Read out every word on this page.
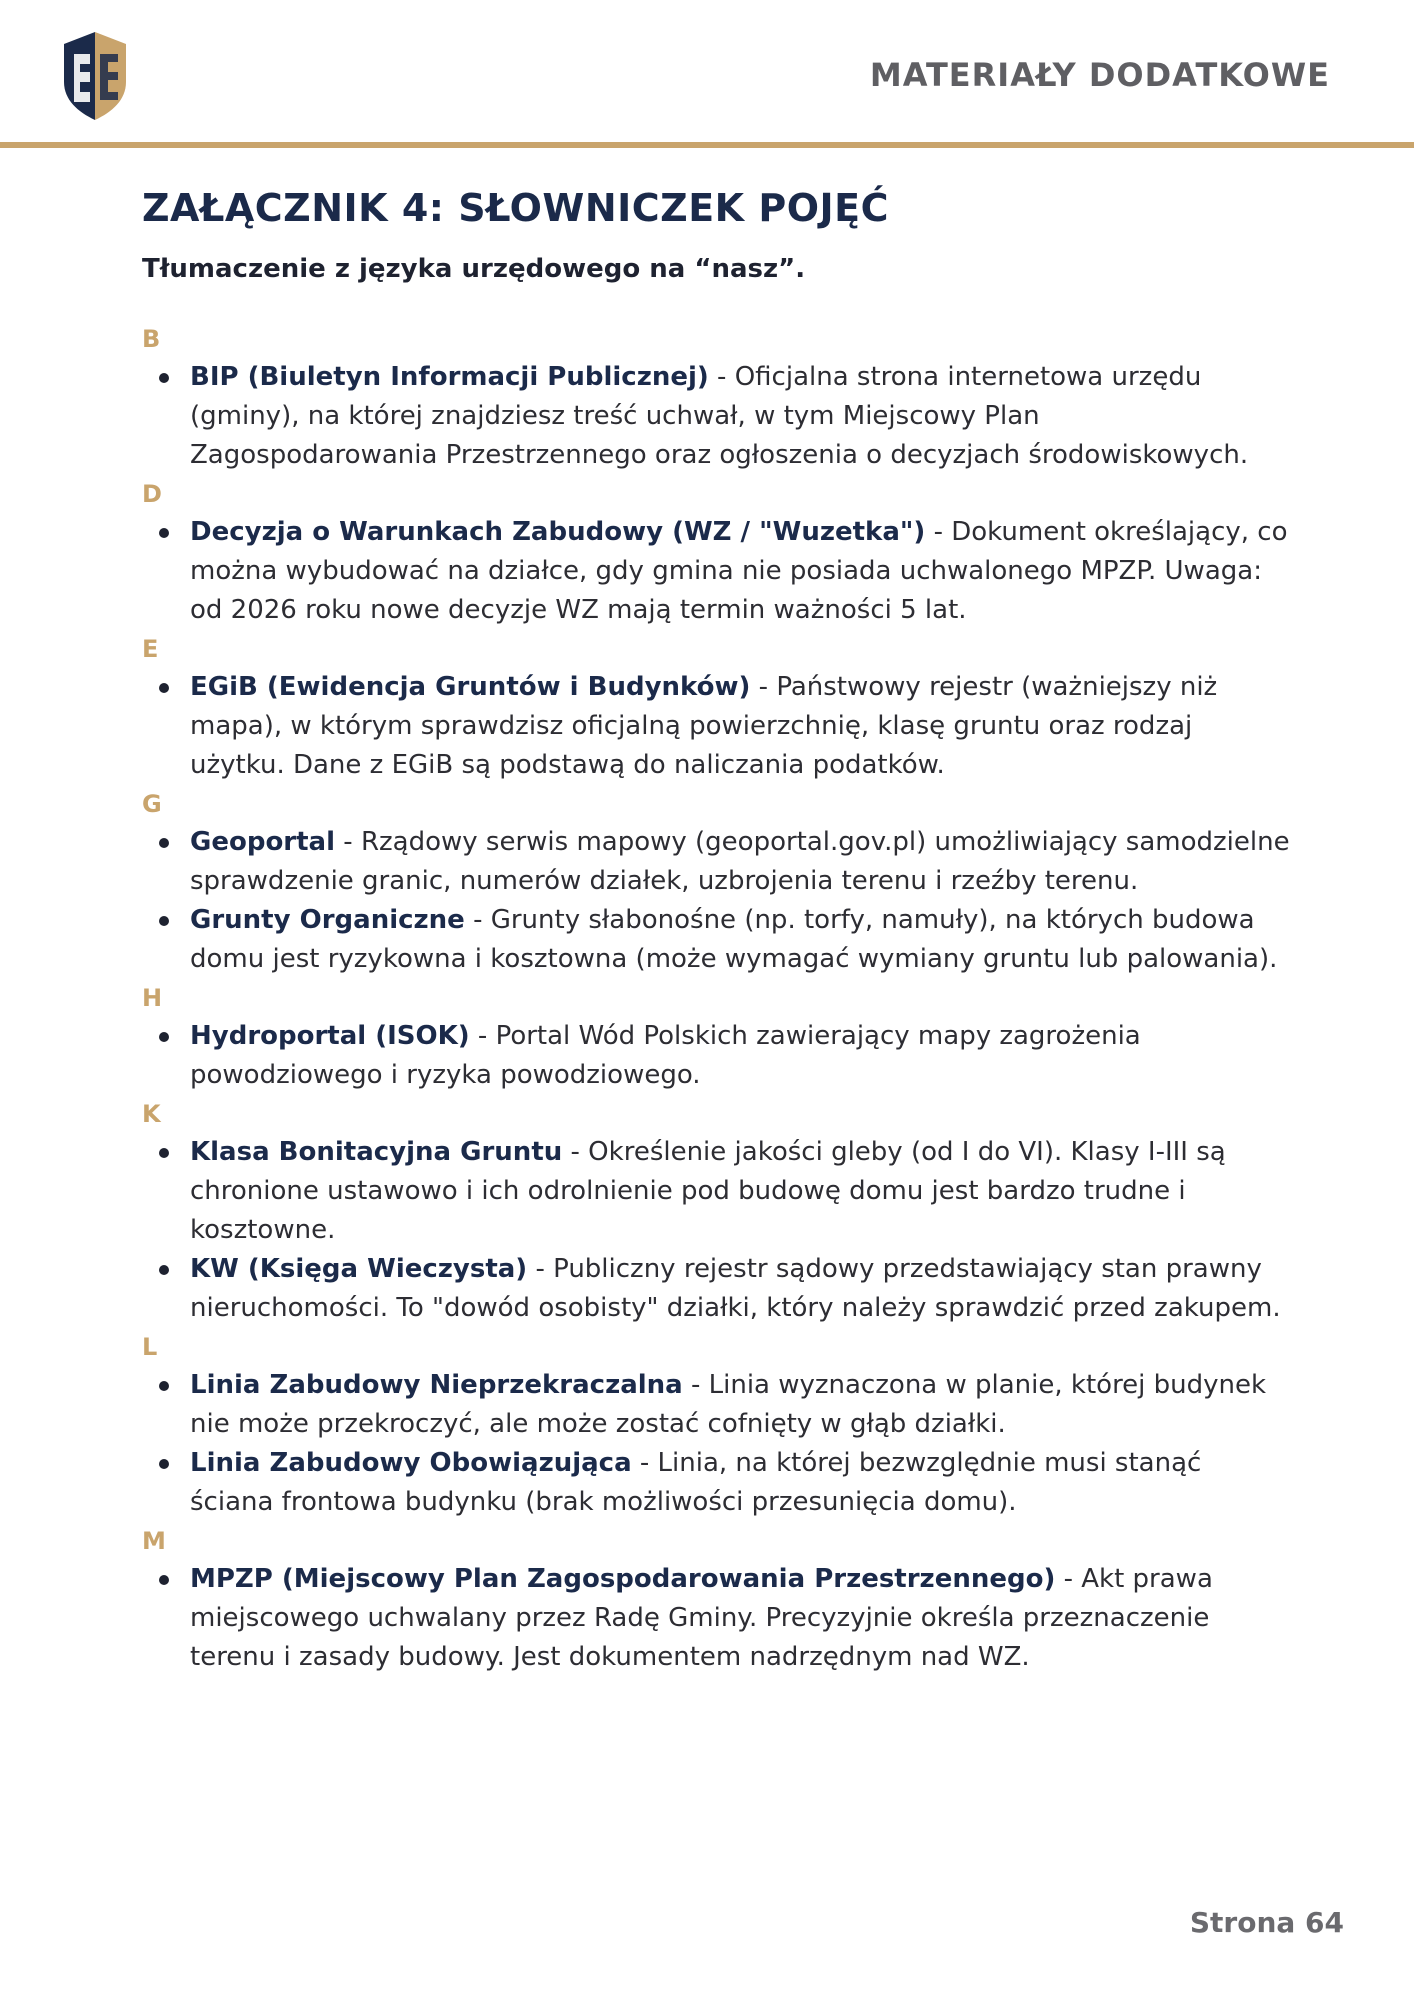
MATERIAŁY DODATKOWE
ZAŁĄCZNIK 4: SŁOWNICZEK POJĘĆ
Tłumaczenie z języka urzędowego na “nasz”.
B
BIP (Biuletyn Informacji Publicznej) - Oficjalna strona internetowa urzędu (gminy), na której znajdziesz treść uchwał, w tym Miejscowy Plan Zagospodarowania Przestrzennego oraz ogłoszenia o decyzjach środowiskowych.
D
Decyzja o Warunkach Zabudowy (WZ / "Wuzetka") - Dokument określający, co można wybudować na działce, gdy gmina nie posiada uchwalonego MPZP. Uwaga: od 2026 roku nowe decyzje WZ mają termin ważności 5 lat.
E
EGiB (Ewidencja Gruntów i Budynków) - Państwowy rejestr (ważniejszy niż mapa), w którym sprawdzisz oficjalną powierzchnię, klasę gruntu oraz rodzaj użytku. Dane z EGiB są podstawą do naliczania podatków.
G
Geoportal - Rządowy serwis mapowy (geoportal.gov.pl) umożliwiający samodzielne sprawdzenie granic, numerów działek, uzbrojenia terenu i rzeźby terenu.
Grunty Organiczne - Grunty słabonośne (np. torfy, namuły), na których budowa domu jest ryzykowna i kosztowna (może wymagać wymiany gruntu lub palowania).
H
Hydroportal (ISOK) - Portal Wód Polskich zawierający mapy zagrożenia powodziowego i ryzyka powodziowego.
K
Klasa Bonitacyjna Gruntu - Określenie jakości gleby (od I do VI). Klasy I-III są chronione ustawowo i ich odrolnienie pod budowę domu jest bardzo trudne i kosztowne.
KW (Księga Wieczysta) - Publiczny rejestr sądowy przedstawiający stan prawny nieruchomości. To "dowód osobisty" działki, który należy sprawdzić przed zakupem.
L
Linia Zabudowy Nieprzekraczalna - Linia wyznaczona w planie, której budynek nie może przekroczyć, ale może zostać cofnięty w głąb działki.
Linia Zabudowy Obowiązująca - Linia, na której bezwzględnie musi stanąć ściana frontowa budynku (brak możliwości przesunięcia domu).
M
MPZP (Miejscowy Plan Zagospodarowania Przestrzennego) - Akt prawa miejscowego uchwalany przez Radę Gminy. Precyzyjnie określa przeznaczenie terenu i zasady budowy. Jest dokumentem nadrzędnym nad WZ.
Strona 64
